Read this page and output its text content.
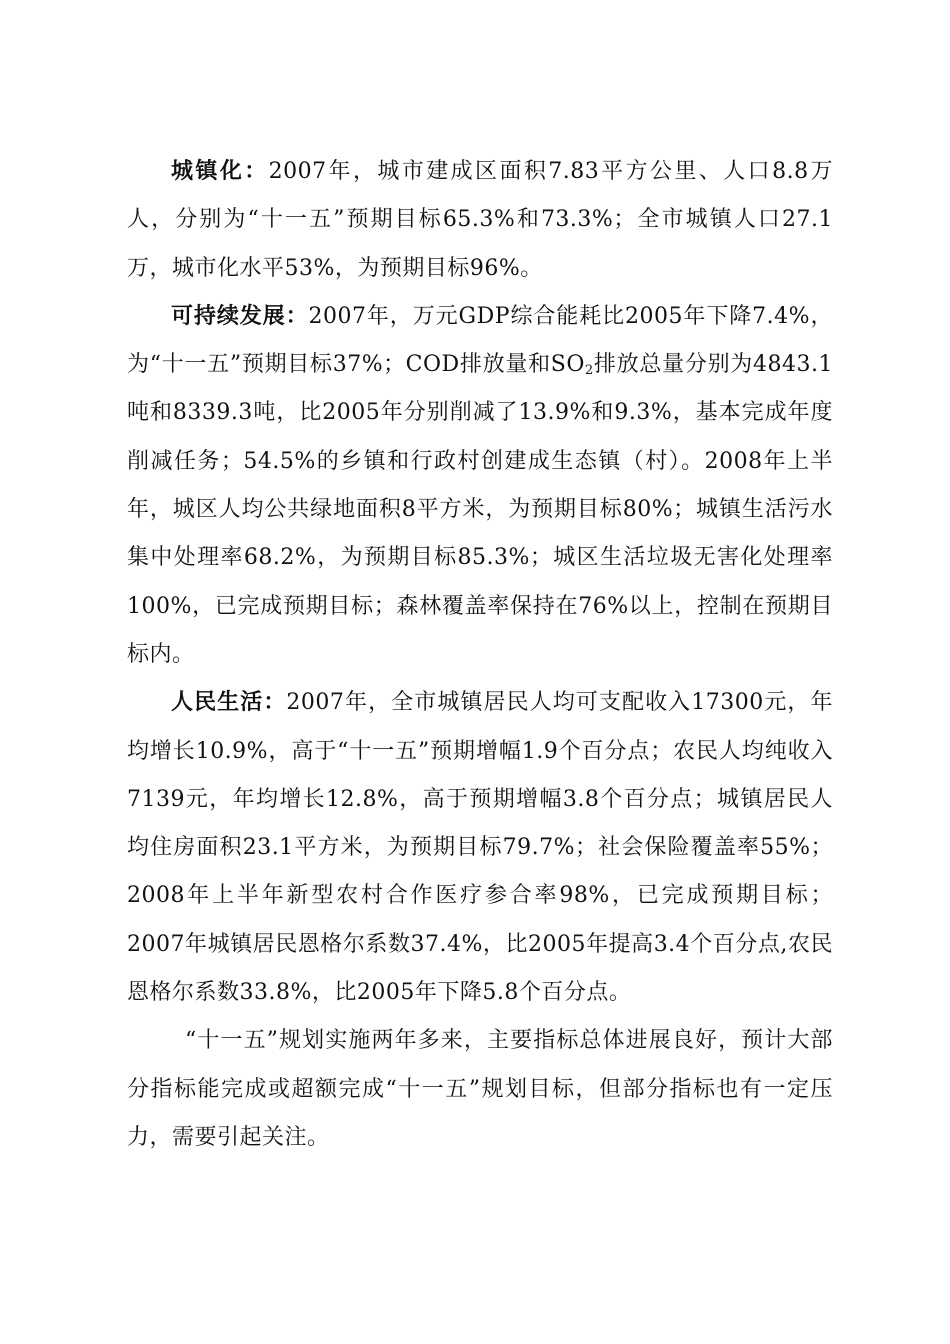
城镇化：2007年，城市建成区面积7.83平方公里、人口8.8万人，分别为“十一五”预期目标65.3%和73.3%；全市城镇人口27.1万，城市化水平53%，为预期目标96%。

可持续发展：2007年，万元GDP综合能耗比2005年下降7.4%，为“十一五”预期目标37%；COD排放量和$SO_2$排放总量分别为4843.1吨和8339.3吨，比2005年分别削减了13.9%和9.3%，基本完成年度削减任务；54.5%的乡镇和行政村创建成生态镇（村）。2008年上半年，城区人均公共绿地面积8平方米，为预期目标80%；城镇生活污水集中处理率68.2%，为预期目标85.3%；城区生活垃圾无害化处理率100%，已完成预期目标；森林覆盖率保持在76%以上，控制在预期目标内。

人民生活：2007年，全市城镇居民人均可支配收入17300元，年均增长10.9%，高于“十一五”预期增幅1.9个百分点；农民人均纯收入7139元，年均增长12.8%，高于预期增幅3.8个百分点；城镇居民人均住房面积23.1平方米，为预期目标79.7%；社会保险覆盖率55%；2008年上半年新型农村合作医疗参合率98%，已完成预期目标；2007年城镇居民恩格尔系数37.4%，比2005年提高3.4个百分点,农民恩格尔系数33.8%，比2005年下降5.8个百分点。

“十一五”规划实施两年多来，主要指标总体进展良好，预计大部分指标能完成或超额完成“十一五”规划目标，但部分指标也有一定压力，需要引起关注。
